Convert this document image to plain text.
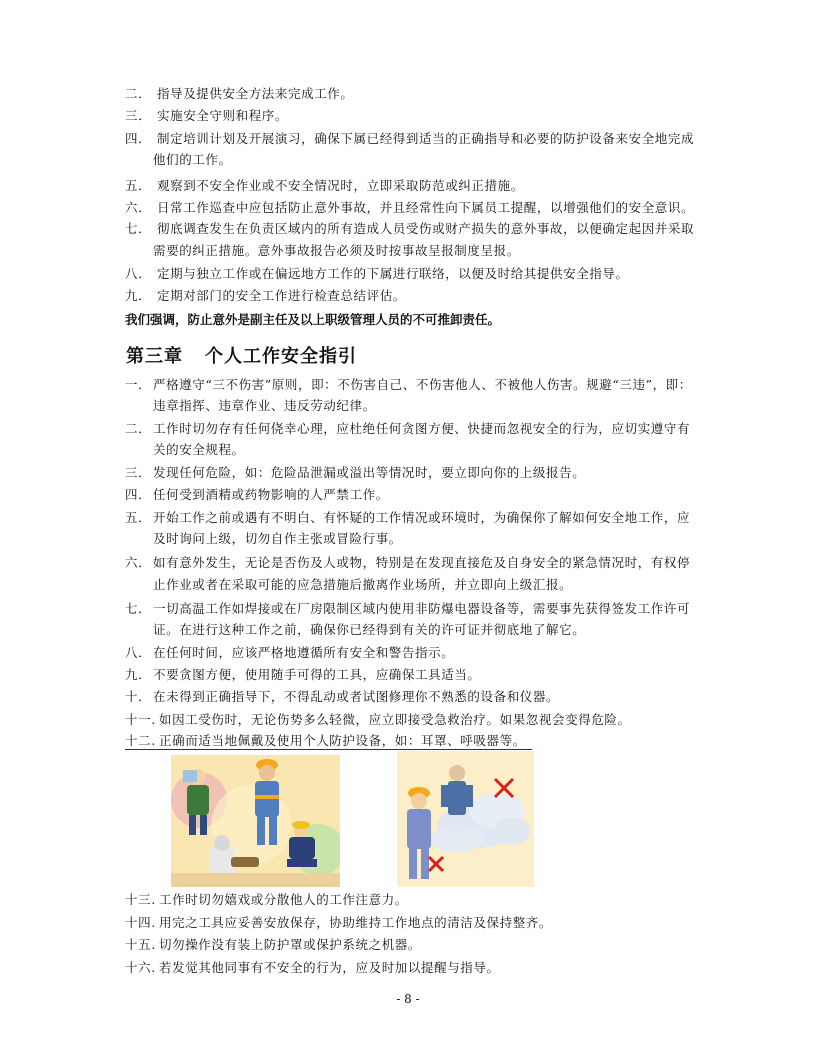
二． 指导及提供安全方法来完成工作。
三． 实施安全守则和程序。
四． 制定培训计划及开展演习，确保下属已经得到适当的正确指导和必要的防护设备来安全地完成
他们的工作。
五． 观察到不安全作业或不安全情况时，立即采取防范或纠正措施。
六． 日常工作巡查中应包括防止意外事故，并且经常性向下属员工提醒，以增强他们的安全意识。
七． 彻底调查发生在负责区域内的所有造成人员受伤或财产损失的意外事故，以便确定起因并采取
需要的纠正措施。意外事故报告必须及时按事故呈报制度呈报。
八． 定期与独立工作或在偏远地方工作的下属进行联络，以便及时给其提供安全指导。
九． 定期对部门的安全工作进行检查总结评估。
我们强调，防止意外是副主任及以上职级管理人员的不可推卸责任。
第三章 个人工作安全指引
一． 严格遵守“三不伤害”原则，即：不伤害自己、不伤害他人、不被他人伤害。规避“三违”，即：
违章指挥、违章作业、违反劳动纪律。
二． 工作时切勿存有任何侥幸心理，应杜绝任何贪图方便、快捷而忽视安全的行为，应切实遵守有
关的安全规程。
三． 发现任何危险，如：危险品泄漏或溢出等情况时，要立即向你的上级报告。
四． 任何受到酒精或药物影响的人严禁工作。
五． 开始工作之前或遇有不明白、有怀疑的工作情况或环境时，为确保你了解如何安全地工作，应
及时询问上级，切勿自作主张或冒险行事。
六． 如有意外发生，无论是否伤及人或物，特别是在发现直接危及自身安全的紧急情况时，有权停
止作业或者在采取可能的应急措施后撤离作业场所，并立即向上级汇报。
七． 一切高温工作如焊接或在厂房限制区域内使用非防爆电器设备等，需要事先获得签发工作许可
证。在进行这种工作之前，确保你已经得到有关的许可证并彻底地了解它。
八． 在任何时间，应该严格地遵循所有安全和警告指示。
九． 不要贪图方便，使用随手可得的工具，应确保工具适当。
十． 在未得到正确指导下，不得乱动或者试图修理你不熟悉的设备和仪器。
十一. 如因工受伤时，无论伤势多么轻微，应立即接受急救治疗。如果忽视会变得危险。
十二. 正确而适当地佩戴及使用个人防护设备，如：耳罩、呼吸器等。
十三. 工作时切勿嬉戏或分散他人的工作注意力。
十四. 用完之工具应妥善安放保存，协助维持工作地点的清洁及保持整齐。
十五. 切勿操作没有装上防护罩或保护系统之机器。
十六. 若发觉其他同事有不安全的行为，应及时加以提醒与指导。
- 8 -
